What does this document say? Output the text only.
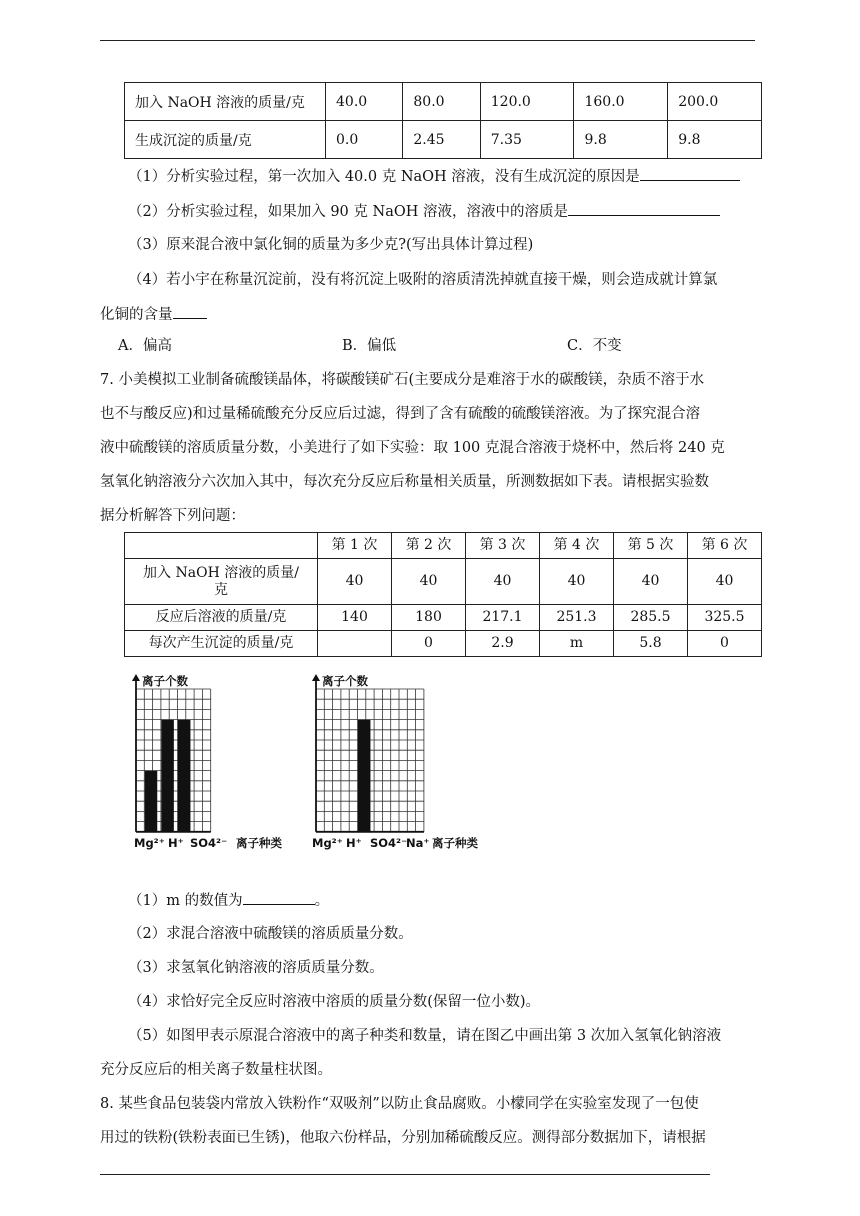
加入 NaOH 溶液的质量/克	40.0	80.0	120.0	160.0	200.0
生成沉淀的质量/克	0.0	2.45	7.35	9.8	9.8
（1）分析实验过程，第一次加入 40.0 克 NaOH 溶液，没有生成沉淀的原因是
（2）分析实验过程，如果加入 90 克 NaOH 溶液，溶液中的溶质是
（3）原来混合液中氯化铜的质量为多少克?(写出具体计算过程)
（4）若小宇在称量沉淀前，没有将沉淀上吸附的溶质清洗掉就直接干燥，则会造成就计算氯
化铜的含量
A．偏高	B．偏低	C．不变
7. 小美模拟工业制备硫酸镁晶体，将碳酸镁矿石(主要成分是难溶于水的碳酸镁，杂质不溶于水
也不与酸反应)和过量稀硫酸充分反应后过滤，得到了含有硫酸的硫酸镁溶液。为了探究混合溶
液中硫酸镁的溶质质量分数，小美进行了如下实验：取 100 克混合溶液于烧杯中，然后将 240 克
氢氧化钠溶液分六次加入其中，每次充分反应后称量相关质量，所测数据如下表。请根据实验数
据分析解答下列问题：
	第 1 次	第 2 次	第 3 次	第 4 次	第 5 次	第 6 次
加入 NaOH 溶液的质量/
克	40	40	40	40	40	40
反应后溶液的质量/克	140	180	217.1	251.3	285.5	325.5
每次产生沉淀的质量/克		0	2.9	m	5.8	0
离子个数
Mg²⁺ H⁺ SO4²⁻ 离子种类
离子个数
Mg²⁺ H⁺ SO4²⁻
Na⁺ 离子种类
（1）m 的数值为	。
（2）求混合溶液中硫酸镁的溶质质量分数。
（3）求氢氧化钠溶液的溶质质量分数。
（4）求恰好完全反应时溶液中溶质的质量分数(保留一位小数)。
（5）如图甲表示原混合溶液中的离子种类和数量，请在图乙中画出第 3 次加入氢氧化钠溶液
充分反应后的相关离子数量柱状图。
8. 某些食品包装袋内常放入铁粉作“双吸剂”以防止食品腐败。小檬同学在实验室发现了一包使
用过的铁粉(铁粉表面已生锈)，他取六份样品，分别加稀硫酸反应。测得部分数据加下，请根据
